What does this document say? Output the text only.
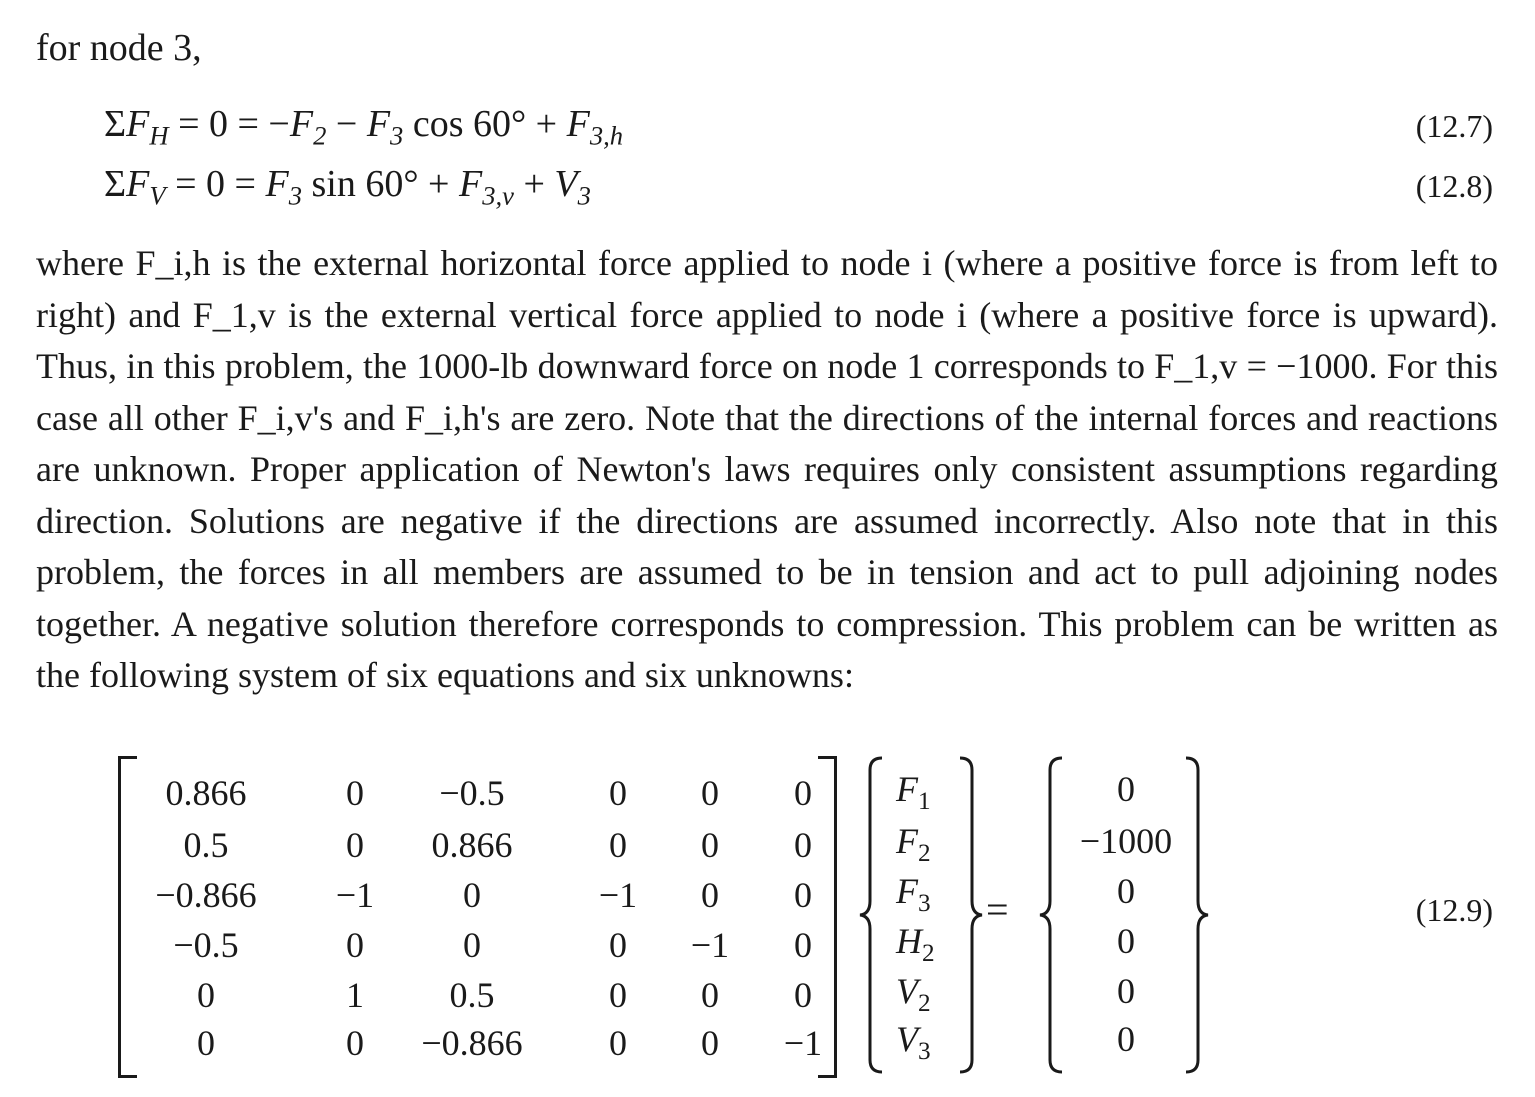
for node 3,
$\Sigma F_H = 0 = -F_2 - F_3$ $\cos 60^\circ + F_{3,h}$	(12.7)
$\Sigma F_V = 0 = F_3$ $\sin 60^\circ + F_{3,v} + V_3$	(12.8)

where F_i,h is the external horizontal force applied to node i (where a positive force is from left to right) and F_1,v is the external vertical force applied to node i (where a positive force is upward). Thus, in this problem, the 1000-lb downward force on node 1 corresponds to F_1,v = −1000. For this case all other F_i,v's and F_i,h's are zero. Note that the directions of the internal forces and reactions are unknown. Proper application of Newton's laws requires only consistent assumptions regarding direction. Solutions are negative if the directions are assumed incorrectly. Also note that in this problem, the forces in all members are assumed to be in tension and act to pull adjoining nodes together. A negative solution therefore corresponds to compression. This problem can be written as the following system of six equations and six unknowns:

0.866	0	−0.5	0	0	0
0.5	0	0.866	0	0	0
−0.866	−1	0	−1	0	0
−0.5	0	0	0	−1	0
0	1	0.5	0	0	0
0	0	−0.866	0	0	−1
$F_1$
$F_2$
$F_3$
$H_2$
$V_2$
$V_3$
=
0
−1000
0
0
0
0
(12.9)
